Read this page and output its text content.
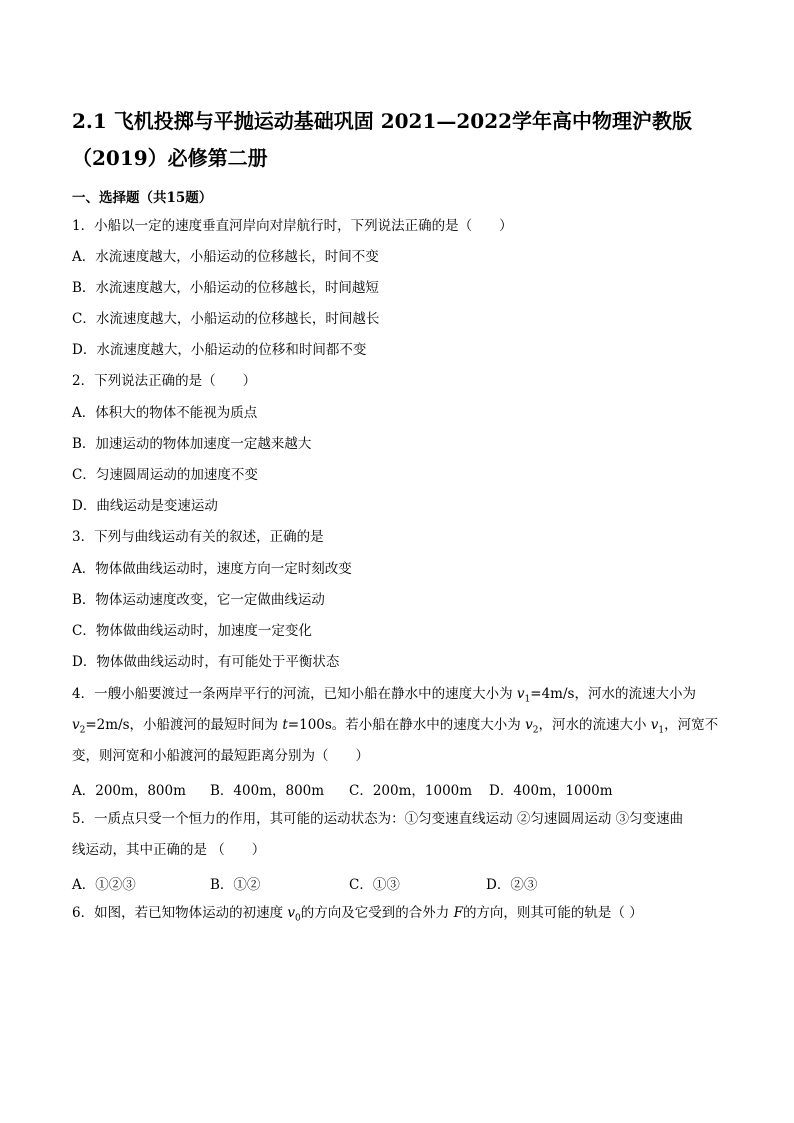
2.1 飞机投掷与平抛运动基础巩固 2021—2022学年高中物理沪教版
（2019）必修第二册
一、选择题（共15题）
1．小船以一定的速度垂直河岸向对岸航行时，下列说法正确的是（　　）
A．水流速度越大，小船运动的位移越长，时间不变
B．水流速度越大，小船运动的位移越长，时间越短
C．水流速度越大，小船运动的位移越长，时间越长
D．水流速度越大，小船运动的位移和时间都不变
2．下列说法正确的是（　　）
A．体积大的物体不能视为质点
B．加速运动的物体加速度一定越来越大
C．匀速圆周运动的加速度不变
D．曲线运动是变速运动
3．下列与曲线运动有关的叙述，正确的是
A．物体做曲线运动时，速度方向一定时刻改变
B．物体运动速度改变，它一定做曲线运动
C．物体做曲线运动时，加速度一定变化
D．物体做曲线运动时，有可能处于平衡状态
4．一艘小船要渡过一条两岸平行的河流，已知小船在静水中的速度大小为 $v_1=4m/s$，河水的流速大小为
$v_2=2m/s$，小船渡河的最短时间为 t=100s。若小船在静水中的速度大小为 $v_2$，河水的流速大小 $v_1$，河宽不
变，则河宽和小船渡河的最短距离分别为（　　）
A．200m，800m B．400m，800m C．200m，1000m D．400m，1000m
5．一质点只受一个恒力的作用，其可能的运动状态为：①匀变速直线运动 ②匀速圆周运动 ③匀变速曲
线运动，其中正确的是 （　　）
A．①②③	B．①②	C．①③	D．②③
6．如图，若已知物体运动的初速度 $v_0$的方向及它受到的合外力 F的方向，则其可能的轨是（ ）
